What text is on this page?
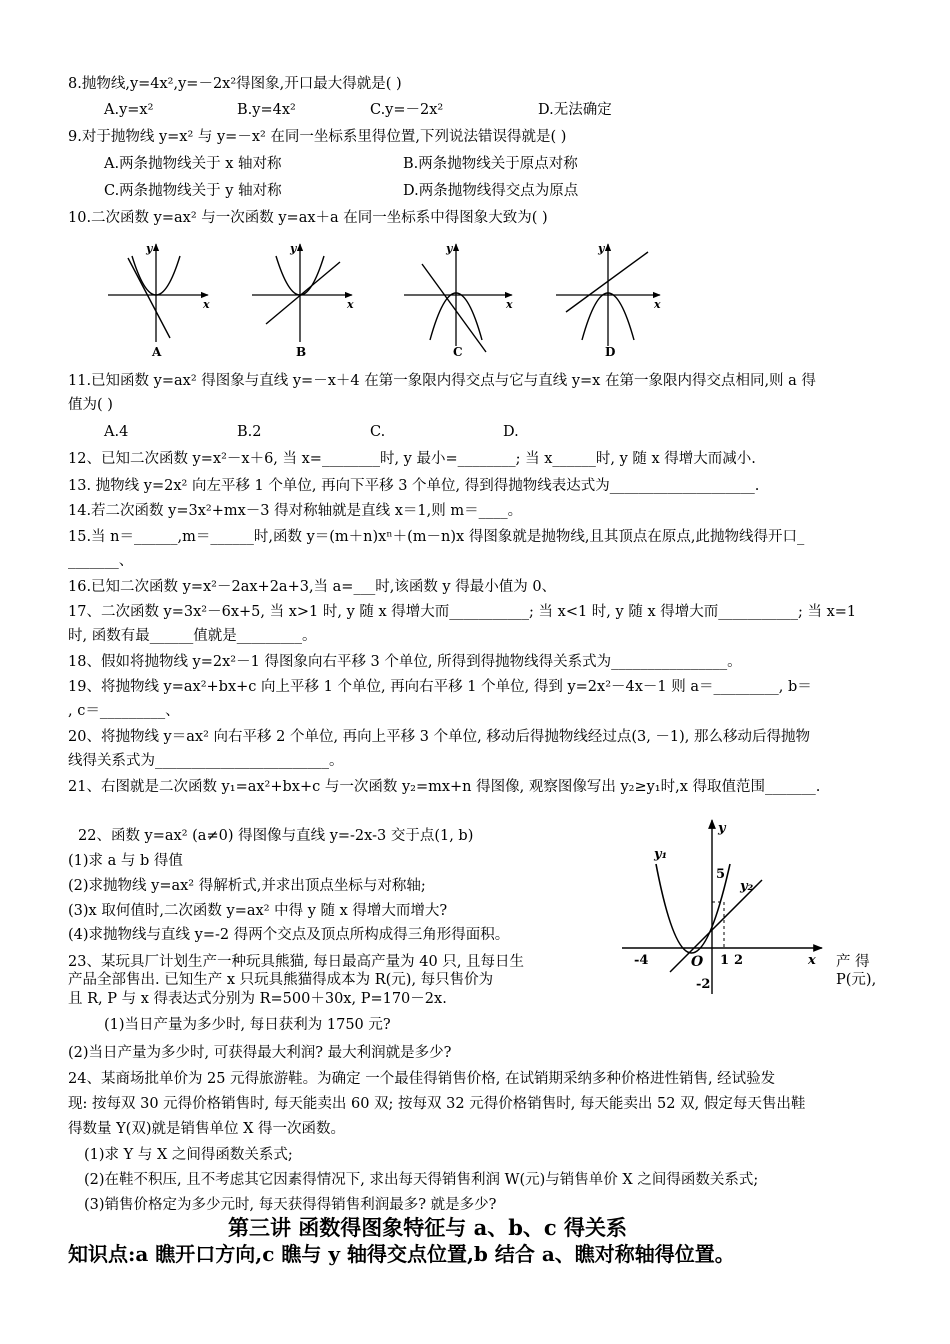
8.抛物线,y=4x²,y=－2x²得图象,开口最大得就是( )
A.y=x²	B.y=4x²	C.y=－2x²	D.无法确定
9.对于抛物线 y=x² 与 y=－x² 在同一坐标系里得位置,下列说法错误得就是( )
A.两条抛物线关于 x 轴对称	B.两条抛物线关于原点对称
C.两条抛物线关于 y 轴对称	D.两条抛物线得交点为原点
10.二次函数 y=ax² 与一次函数 y=ax＋a 在同一坐标系中得图象大致为( )
y
x
A
y
x
B
y
x
C
y
x
D
11.已知函数 y=ax² 得图象与直线 y=－x＋4 在第一象限内得交点与它与直线 y=x 在第一象限内得交点相同,则 a 得
值为( )
A.4	B.2	C.	D.
12、已知二次函数 y=x²－x＋6, 当 x=________时, y 最小=________; 当 x______时, y 随 x 得增大而减小.
13. 抛物线 y=2x² 向左平移 1 个单位, 再向下平移 3 个单位, 得到得抛物线表达式为____________________.
14.若二次函数 y=3x²+mx－3 得对称轴就是直线 x＝1,则 m＝____。
15.当 n＝______,m＝______时,函数 y＝(m＋n)xⁿ＋(m－n)x 得图象就是抛物线,且其顶点在原点,此抛物线得开口_
_______、
16.已知二次函数 y=x²－2ax+2a+3,当 a=___时,该函数 y 得最小值为 0、
17、二次函数 y=3x²－6x+5, 当 x>1 时, y 随 x 得增大而___________; 当 x<1 时, y 随 x 得增大而___________; 当 x=1
时, 函数有最______值就是_________。
18、假如将抛物线 y=2x²－1 得图象向右平移 3 个单位, 所得到得抛物线得关系式为________________。
19、将抛物线 y=ax²+bx+c 向上平移 1 个单位, 再向右平移 1 个单位, 得到 y=2x²－4x－1 则 a＝_________, b＝
, c＝_________、
20、将抛物线 y＝ax² 向右平移 2 个单位, 再向上平移 3 个单位, 移动后得抛物线经过点(3, －1), 那么移动后得抛物
线得关系式为________________________。
21、右图就是二次函数 y₁=ax²+bx+c 与一次函数 y₂=mx+n 得图像, 观察图像写出 y₂≥y₁时,x 得取值范围_______.
22、函数 y=ax² (a≠0) 得图像与直线 y=-2x-3 交于点(1, b)
(1)求 a 与 b 得值
(2)求抛物线 y=ax² 得解析式,并求出顶点坐标与对称轴;
(3)x 取何值时,二次函数 y=ax² 中得 y 随 x 得增大而增大?
(4)求抛物线与直线 y=-2 得两个交点及顶点所构成得三角形得面积。
y₁
y₂
y
x
5
-4	O 1 2
-2
23、某玩具厂计划生产一种玩具熊猫, 每日最高产量为 40 只, 且每日生
产品全部售出. 已知生产 x 只玩具熊猫得成本为 R(元), 每只售价为
且 R, P 与 x 得表达式分别为 R=500＋30x, P=170－2x.
产 得
P(元),
(1)当日产量为多少时, 每日获利为 1750 元?
(2)当日产量为多少时, 可获得最大利润? 最大利润就是多少?
24、某商场批单价为 25 元得旅游鞋。为确定 一个最佳得销售价格, 在试销期采纳多种价格进性销售, 经试验发
现: 按每双 30 元得价格销售时, 每天能卖出 60 双; 按每双 32 元得价格销售时, 每天能卖出 52 双, 假定每天售出鞋
得数量 Y(双)就是销售单位 X 得一次函数。
(1)求 Y 与 X 之间得函数关系式;
(2)在鞋不积压, 且不考虑其它因素得情况下, 求出每天得销售利润 W(元)与销售单价 X 之间得函数关系式;
(3)销售价格定为多少元时, 每天获得得销售利润最多? 就是多少?
第三讲 函数得图象特征与 a、b、c 得关系
知识点:a 瞧开口方向,c 瞧与 y 轴得交点位置,b 结合 a、瞧对称轴得位置。
